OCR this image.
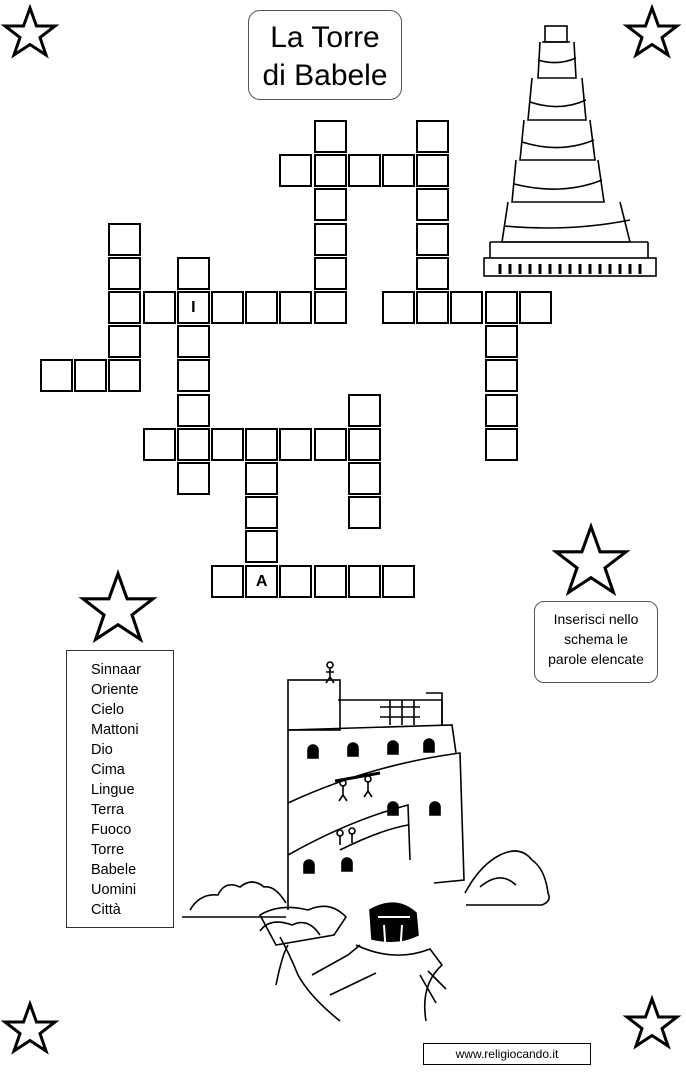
La Torre
di Babele
I
A
Inserisci nello
schema le
parole elencate
Sinnaar
Oriente
Cielo
Mattoni
Dio
Cima
Lingue
Terra
Fuoco
Torre
Babele
Uomini
Città
www.religiocando.it
